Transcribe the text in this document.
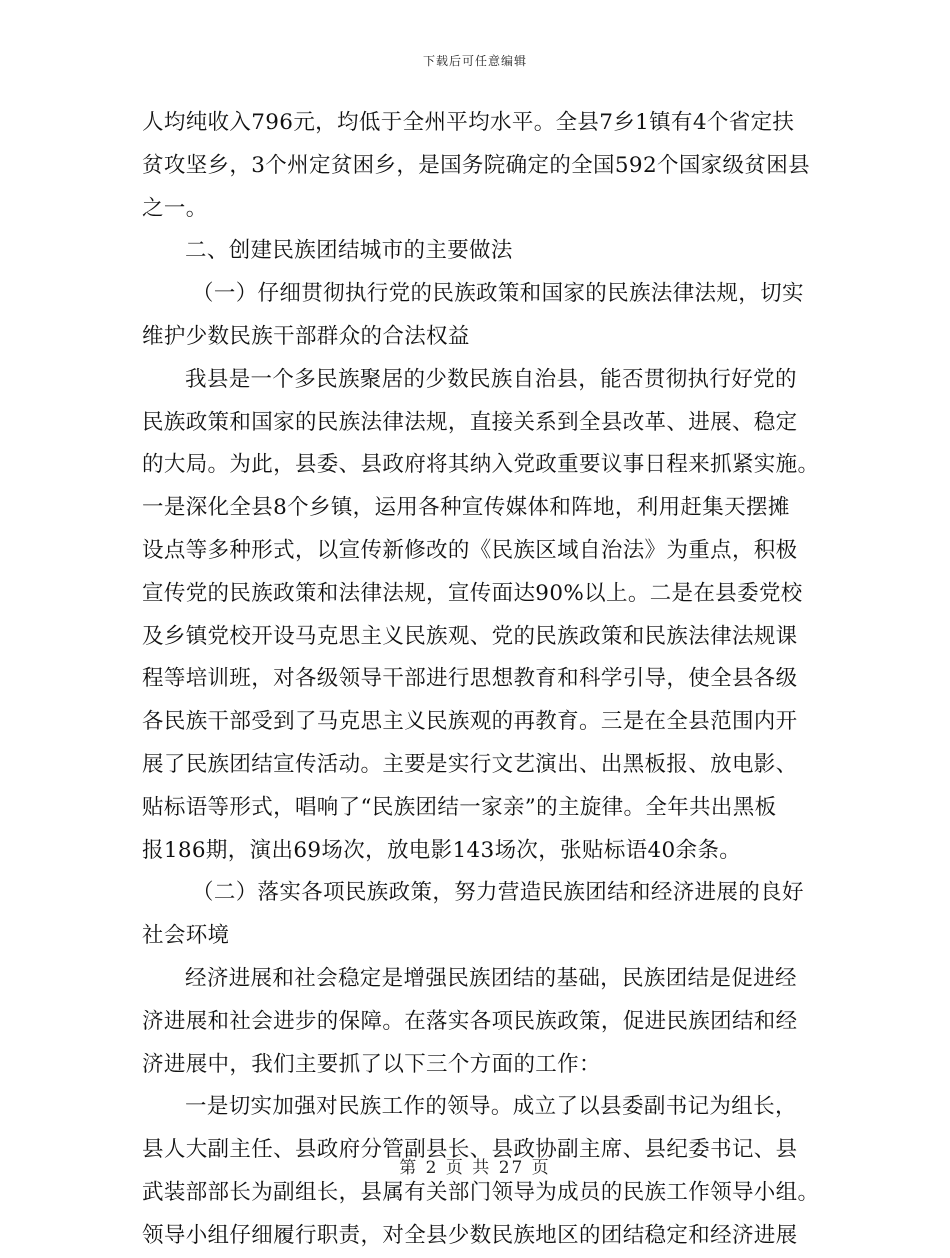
下载后可任意编辑
人均纯收入796元，均低于全州平均水平。全县7乡1镇有4个省定扶
贫攻坚乡，3个州定贫困乡，是国务院确定的全国592个国家级贫困县
之一。
二、创建民族团结城市的主要做法
（一）仔细贯彻执行党的民族政策和国家的民族法律法规，切实
维护少数民族干部群众的合法权益
我县是一个多民族聚居的少数民族自治县，能否贯彻执行好党的
民族政策和国家的民族法律法规，直接关系到全县改革、进展、稳定
的大局。为此，县委、县政府将其纳入党政重要议事日程来抓紧实施。
一是深化全县8个乡镇，运用各种宣传媒体和阵地，利用赶集天摆摊
设点等多种形式，以宣传新修改的《民族区域自治法》为重点，积极
宣传党的民族政策和法律法规，宣传面达90%以上。二是在县委党校
及乡镇党校开设马克思主义民族观、党的民族政策和民族法律法规课
程等培训班，对各级领导干部进行思想教育和科学引导，使全县各级
各民族干部受到了马克思主义民族观的再教育。三是在全县范围内开
展了民族团结宣传活动。主要是实行文艺演出、出黑板报、放电影、
贴标语等形式，唱响了“民族团结一家亲”的主旋律。全年共出黑板
报186期，演出69场次，放电影143场次，张贴标语40余条。
（二）落实各项民族政策，努力营造民族团结和经济进展的良好
社会环境
经济进展和社会稳定是增强民族团结的基础，民族团结是促进经
济进展和社会进步的保障。在落实各项民族政策，促进民族团结和经
济进展中，我们主要抓了以下三个方面的工作：
一是切实加强对民族工作的领导。成立了以县委副书记为组长，
县人大副主任、县政府分管副县长、县政协副主席、县纪委书记、县
武装部部长为副组长，县属有关部门领导为成员的民族工作领导小组。
领导小组仔细履行职责，对全县少数民族地区的团结稳定和经济进展
第 2 页 共 27 页
